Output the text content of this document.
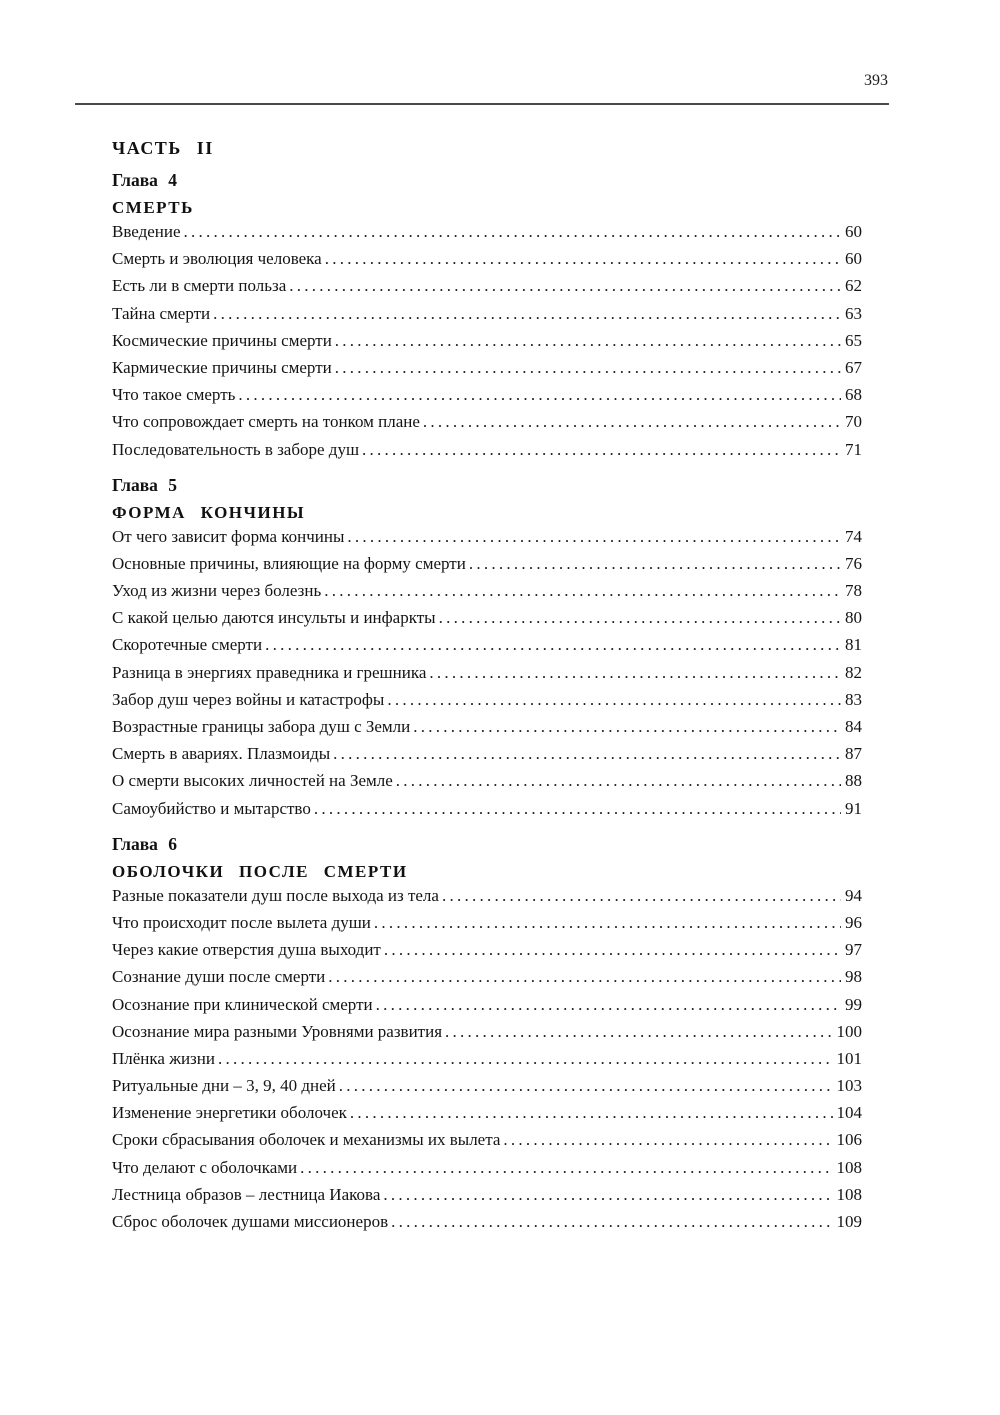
393
ЧАСТЬ II
Глава 4
СМЕРТЬ
Введение . . .	60
Смерть и эволюция человека . . .	60
Есть ли в смерти польза . . .	62
Тайна смерти . . .	63
Космические причины смерти . . .	65
Кармические причины смерти . . .	67
Что такое смерть . . .	68
Что сопровождает смерть на тонком плане . . .	70
Последовательность в заборе душ . . .	71
Глава 5
ФОРМА КОНЧИНЫ
От чего зависит форма кончины . . .	74
Основные причины, влияющие на форму смерти . . .	76
Уход из жизни через болезнь . . .	78
С какой целью даются инсульты и инфаркты . . .	80
Скоротечные смерти . . .	81
Разница в энергиях праведника и грешника . . .	82
Забор душ через войны и катастрофы . . .	83
Возрастные границы забора душ с Земли . . .	84
Смерть в авариях. Плазмоиды . . .	87
О смерти высоких личностей на Земле . . .	88
Самоубийство и мытарство . . .	91
Глава 6
ОБОЛОЧКИ ПОСЛЕ СМЕРТИ
Разные показатели душ после выхода из тела . . .	94
Что происходит после вылета души . . .	96
Через какие отверстия душа выходит . . .	97
Сознание души после смерти . . .	98
Осознание при клинической смерти . . .	99
Осознание мира разными Уровнями развития . . .	100
Плёнка жизни . . .	101
Ритуальные дни – 3, 9, 40 дней . . .	103
Изменение энергетики оболочек . . .	104
Сроки сбрасывания оболочек и механизмы их вылета . . .	106
Что делают с оболочками . . .	108
Лестница образов – лестница Иакова . . .	108
Сброс оболочек душами миссионеров . . .	109
